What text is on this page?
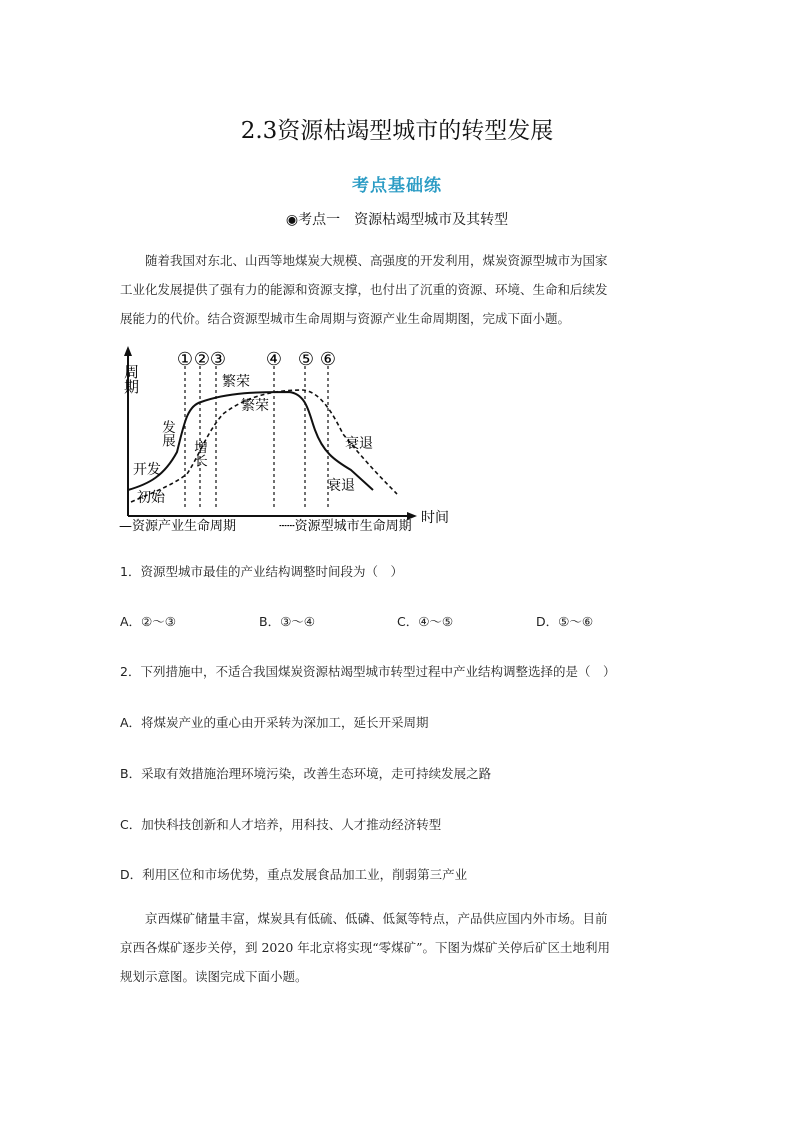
2.3资源枯竭型城市的转型发展
考点基础练
◉考点一　资源枯竭型城市及其转型
随着我国对东北、山西等地煤炭大规模、高强度的开发利用，煤炭资源型城市为国家
工业化发展提供了强有力的能源和资源支撑，也付出了沉重的资源、环境、生命和后续发
展能力的代价。结合资源型城市生命周期与资源产业生命周期图，完成下面小题。
周期
时间
① ② ③ ④ ⑤ ⑥
开发
发展
繁荣
衰退
初始
增长
繁荣
衰退
—资源产业生命周期	┄┄资源型城市生命周期
1．资源型城市最佳的产业结构调整时间段为（　）
A．②～③	B．③～④	C．④～⑤	D．⑤～⑥
2．下列措施中，不适合我国煤炭资源枯竭型城市转型过程中产业结构调整选择的是（　）
A．将煤炭产业的重心由开采转为深加工，延长开采周期
B．采取有效措施治理环境污染，改善生态环境，走可持续发展之路
C．加快科技创新和人才培养，用科技、人才推动经济转型
D．利用区位和市场优势，重点发展食品加工业，削弱第三产业
京西煤矿储量丰富，煤炭具有低硫、低磷、低氮等特点，产品供应国内外市场。目前
京西各煤矿逐步关停，到 2020 年北京将实现“零煤矿”。下图为煤矿关停后矿区土地利用
规划示意图。读图完成下面小题。
